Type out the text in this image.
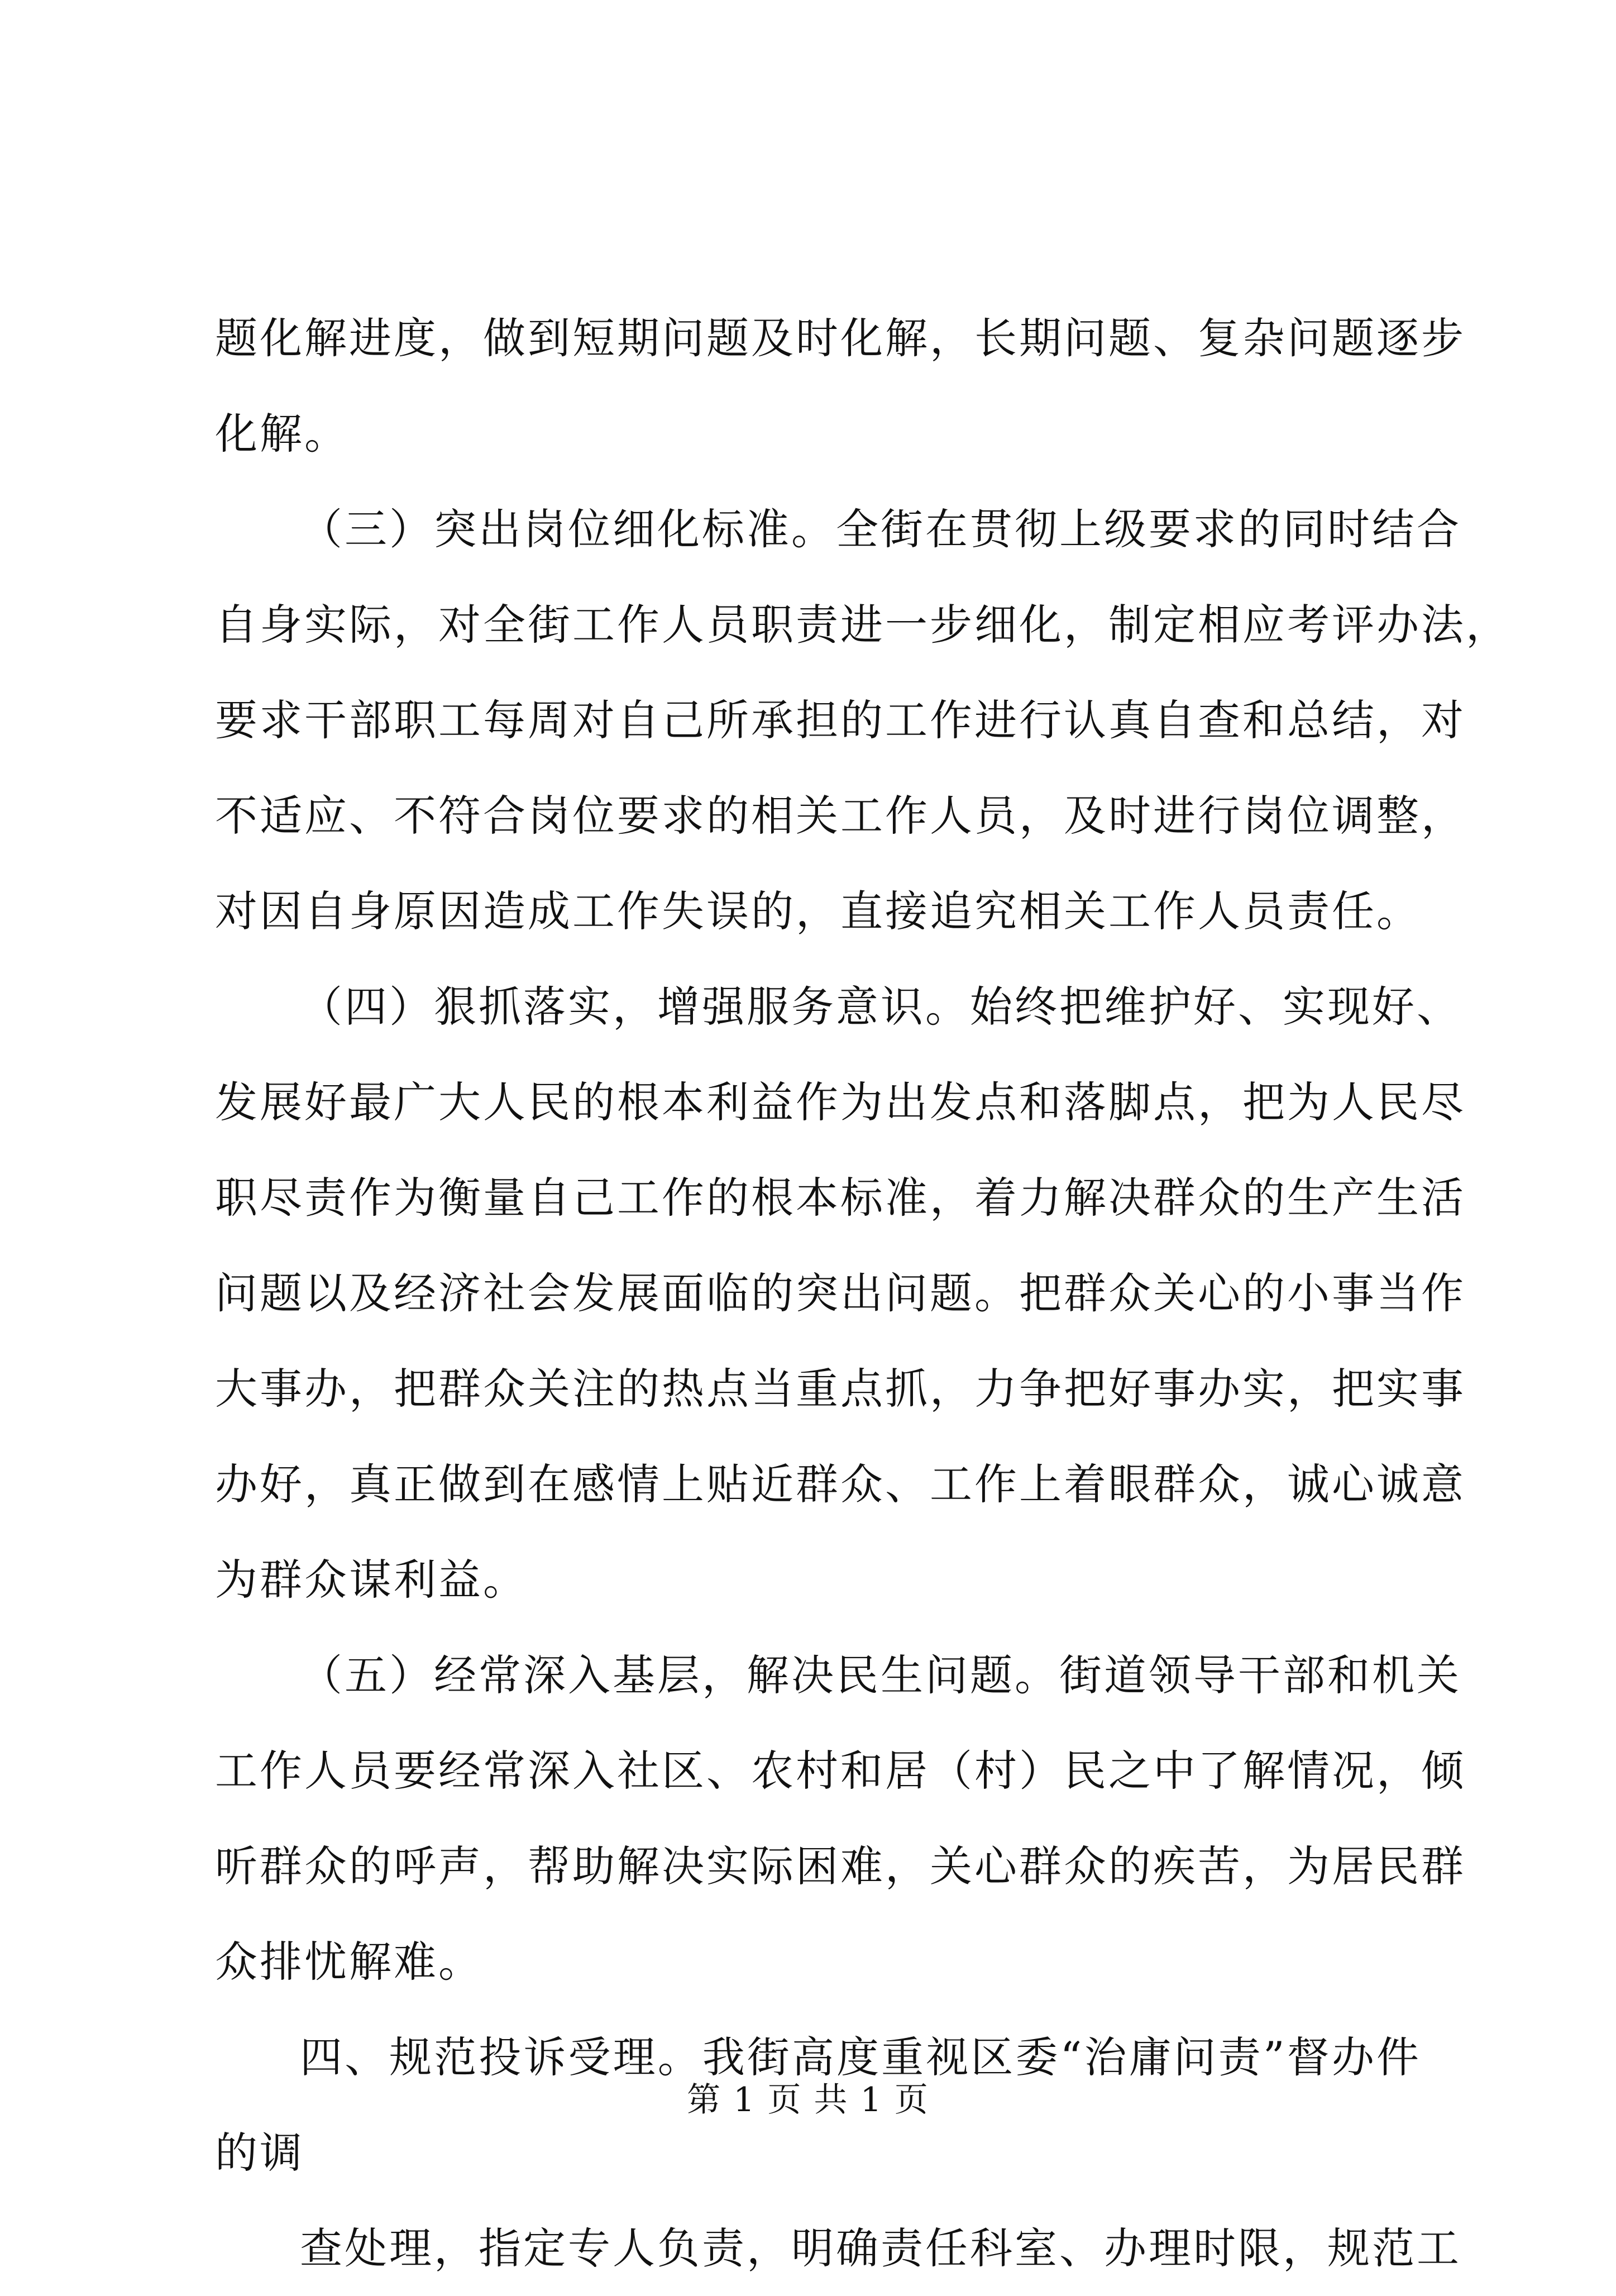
题化解进度，做到短期问题及时化解，长期问题、复杂问题逐步
化解。
（三）突出岗位细化标准。全街在贯彻上级要求的同时结合
自身实际，对全街工作人员职责进一步细化，制定相应考评办法，
要求干部职工每周对自己所承担的工作进行认真自查和总结，对
不适应、不符合岗位要求的相关工作人员，及时进行岗位调整，
对因自身原因造成工作失误的，直接追究相关工作人员责任。
（四）狠抓落实，增强服务意识。始终把维护好、实现好、
发展好最广大人民的根本利益作为出发点和落脚点，把为人民尽
职尽责作为衡量自己工作的根本标准，着力解决群众的生产生活
问题以及经济社会发展面临的突出问题。把群众关心的小事当作
大事办，把群众关注的热点当重点抓，力争把好事办实，把实事
办好，真正做到在感情上贴近群众、工作上着眼群众，诚心诚意
为群众谋利益。
（五）经常深入基层，解决民生问题。街道领导干部和机关
工作人员要经常深入社区、农村和居（村）民之中了解情况，倾
听群众的呼声，帮助解决实际困难，关心群众的疾苦，为居民群
众排忧解难。
四、规范投诉受理。我街高度重视区委“治庸问责”督办件
的调
查处理，指定专人负责，明确责任科室、办理时限，规范工
第 1 页 共 1 页
